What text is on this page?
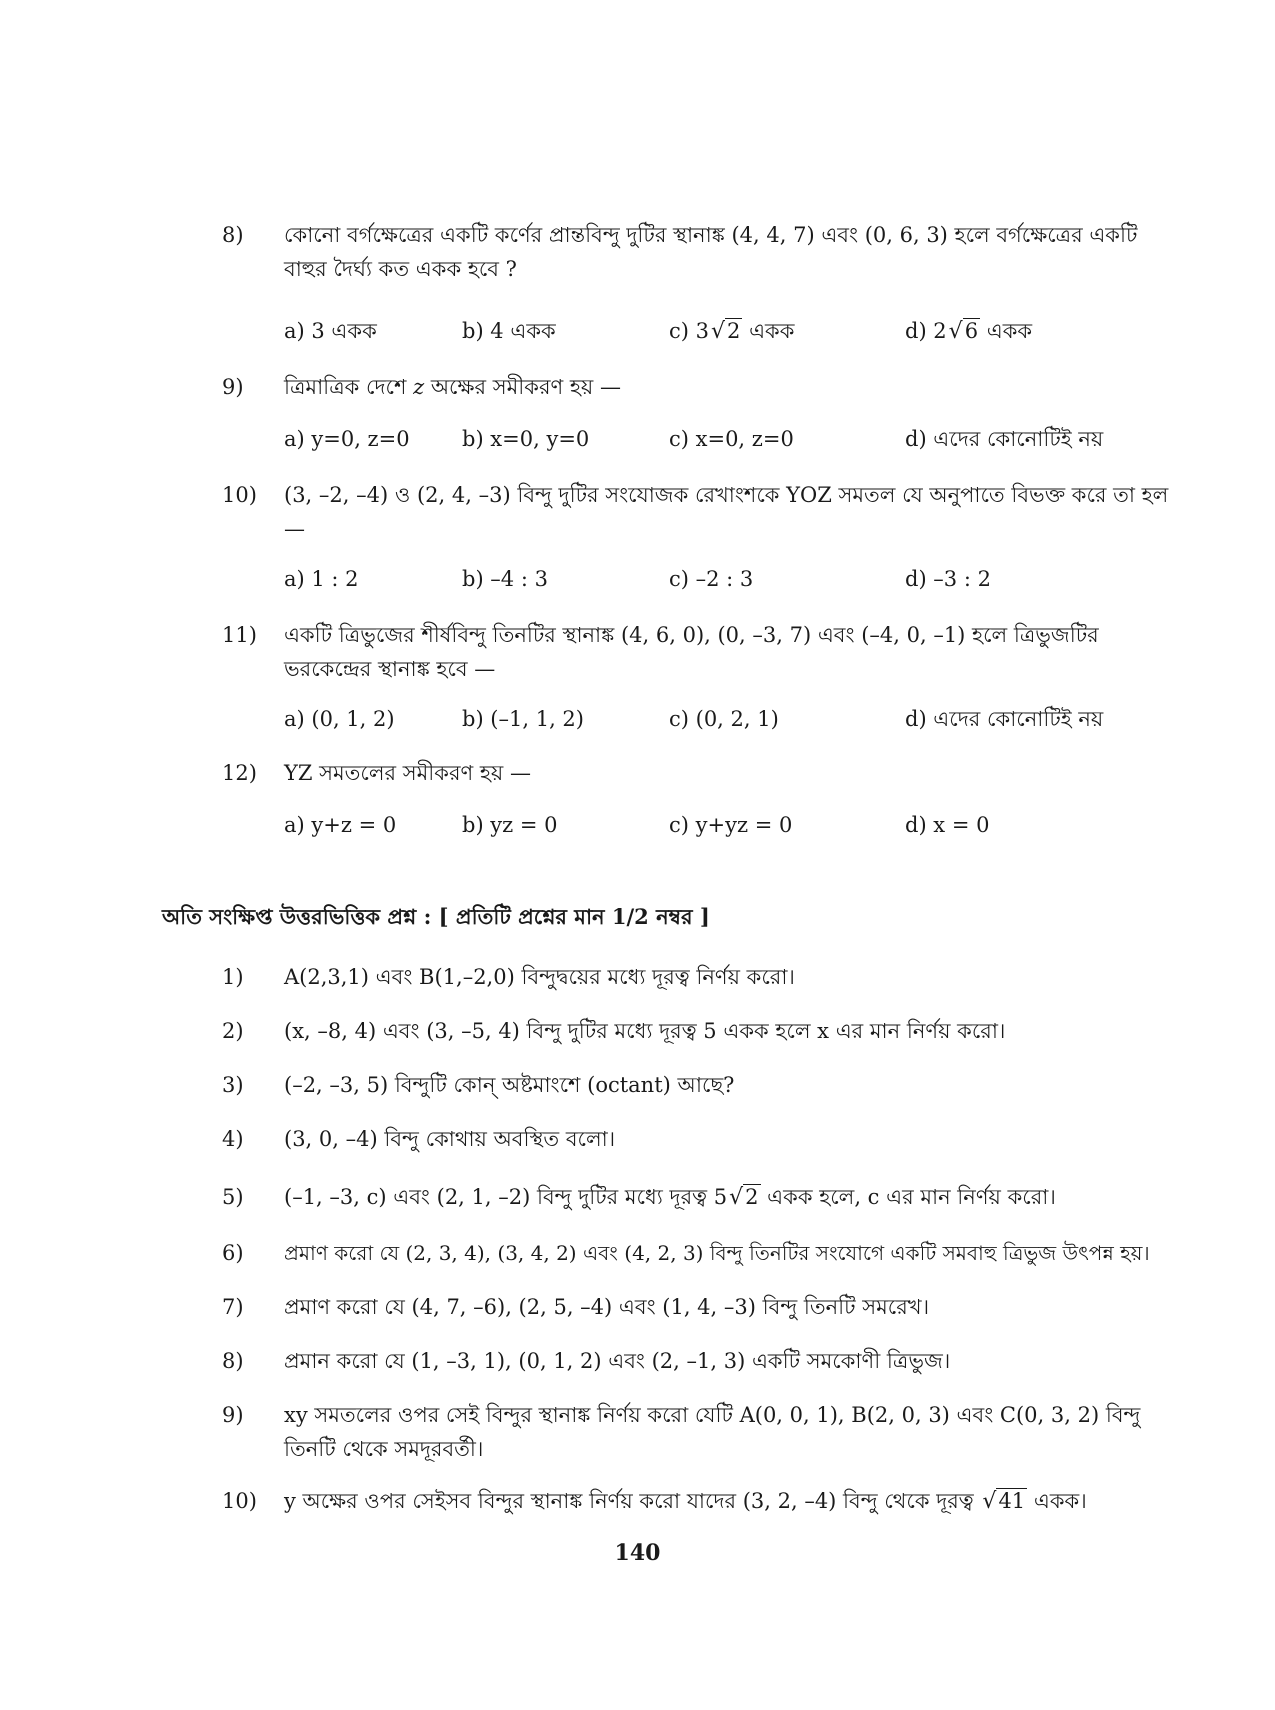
8)	কোনো বর্গক্ষেত্রের একটি কর্ণের প্রান্তবিন্দু দুটির স্থানাঙ্ক (4, 4, 7) এবং (0, 6, 3) হলে বর্গক্ষেত্রের একটি বাহুর দৈর্ঘ্য কত একক হবে ?
a) 3 একক	b) 4 একক	c) 3√2 একক	d) 2√6 একক
9)	ত্রিমাত্রিক দেশে z অক্ষের সমীকরণ হয় —
a) y=0, z=0 b) x=0, y=0	c) x=0, z=0	d) এদের কোনোটিই নয়
10)	(3, –2, –4) ও (2, 4, –3) বিন্দু দুটির সংযোজক রেখাংশকে YOZ সমতল যে অনুপাতে বিভক্ত করে তা হল—
a) 1 : 2	b) –4 : 3	c) –2 : 3	d) –3 : 2
11)	একটি ত্রিভুজের শীর্ষবিন্দু তিনটির স্থানাঙ্ক (4, 6, 0), (0, –3, 7) এবং (–4, 0, –1) হলে ত্রিভুজটির ভরকেন্দ্রের স্থানাঙ্ক হবে —
a) (0, 1, 2)	b) (–1, 1, 2)	c) (0, 2, 1)	d) এদের কোনোটিই নয়
12)	YZ সমতলের সমীকরণ হয় —
a) y+z = 0	b) yz = 0	c) y+yz = 0	d) x = 0
অতি সংক্ষিপ্ত উত্তরভিত্তিক প্রশ্ন : [ প্রতিটি প্রশ্নের মান 1/2 নম্বর ]
1)	A(2,3,1) এবং B(1,–2,0) বিন্দুদ্বয়ের মধ্যে দূরত্ব নির্ণয় করো।
2)	(x, –8, 4) এবং (3, –5, 4) বিন্দু দুটির মধ্যে দূরত্ব 5 একক হলে x এর মান নির্ণয় করো।
3)	(–2, –3, 5) বিন্দুটি কোন্ অষ্টমাংশে (octant) আছে?
4)	(3, 0, –4) বিন্দু কোথায় অবস্থিত বলো।
5)	(–1, –3, c) এবং (2, 1, –2) বিন্দু দুটির মধ্যে দূরত্ব 5√2 একক হলে, c এর মান নির্ণয় করো।
6)	প্রমাণ করো যে (2, 3, 4), (3, 4, 2) এবং (4, 2, 3) বিন্দু তিনটির সংযোগে একটি সমবাহু ত্রিভুজ উৎপন্ন হয়।
7)	প্রমাণ করো যে (4, 7, –6), (2, 5, –4) এবং (1, 4, –3) বিন্দু তিনটি সমরেখ।
8)	প্রমান করো যে (1, –3, 1), (0, 1, 2) এবং (2, –1, 3) একটি সমকোণী ত্রিভুজ।
9)	xy সমতলের ওপর সেই বিন্দুর স্থানাঙ্ক নির্ণয় করো যেটি A(0, 0, 1), B(2, 0, 3) এবং C(0, 3, 2) বিন্দু তিনটি থেকে সমদূরবর্তী।
10)	y অক্ষের ওপর সেইসব বিন্দুর স্থানাঙ্ক নির্ণয় করো যাদের (3, 2, –4) বিন্দু থেকে দূরত্ব √41 একক।
140
